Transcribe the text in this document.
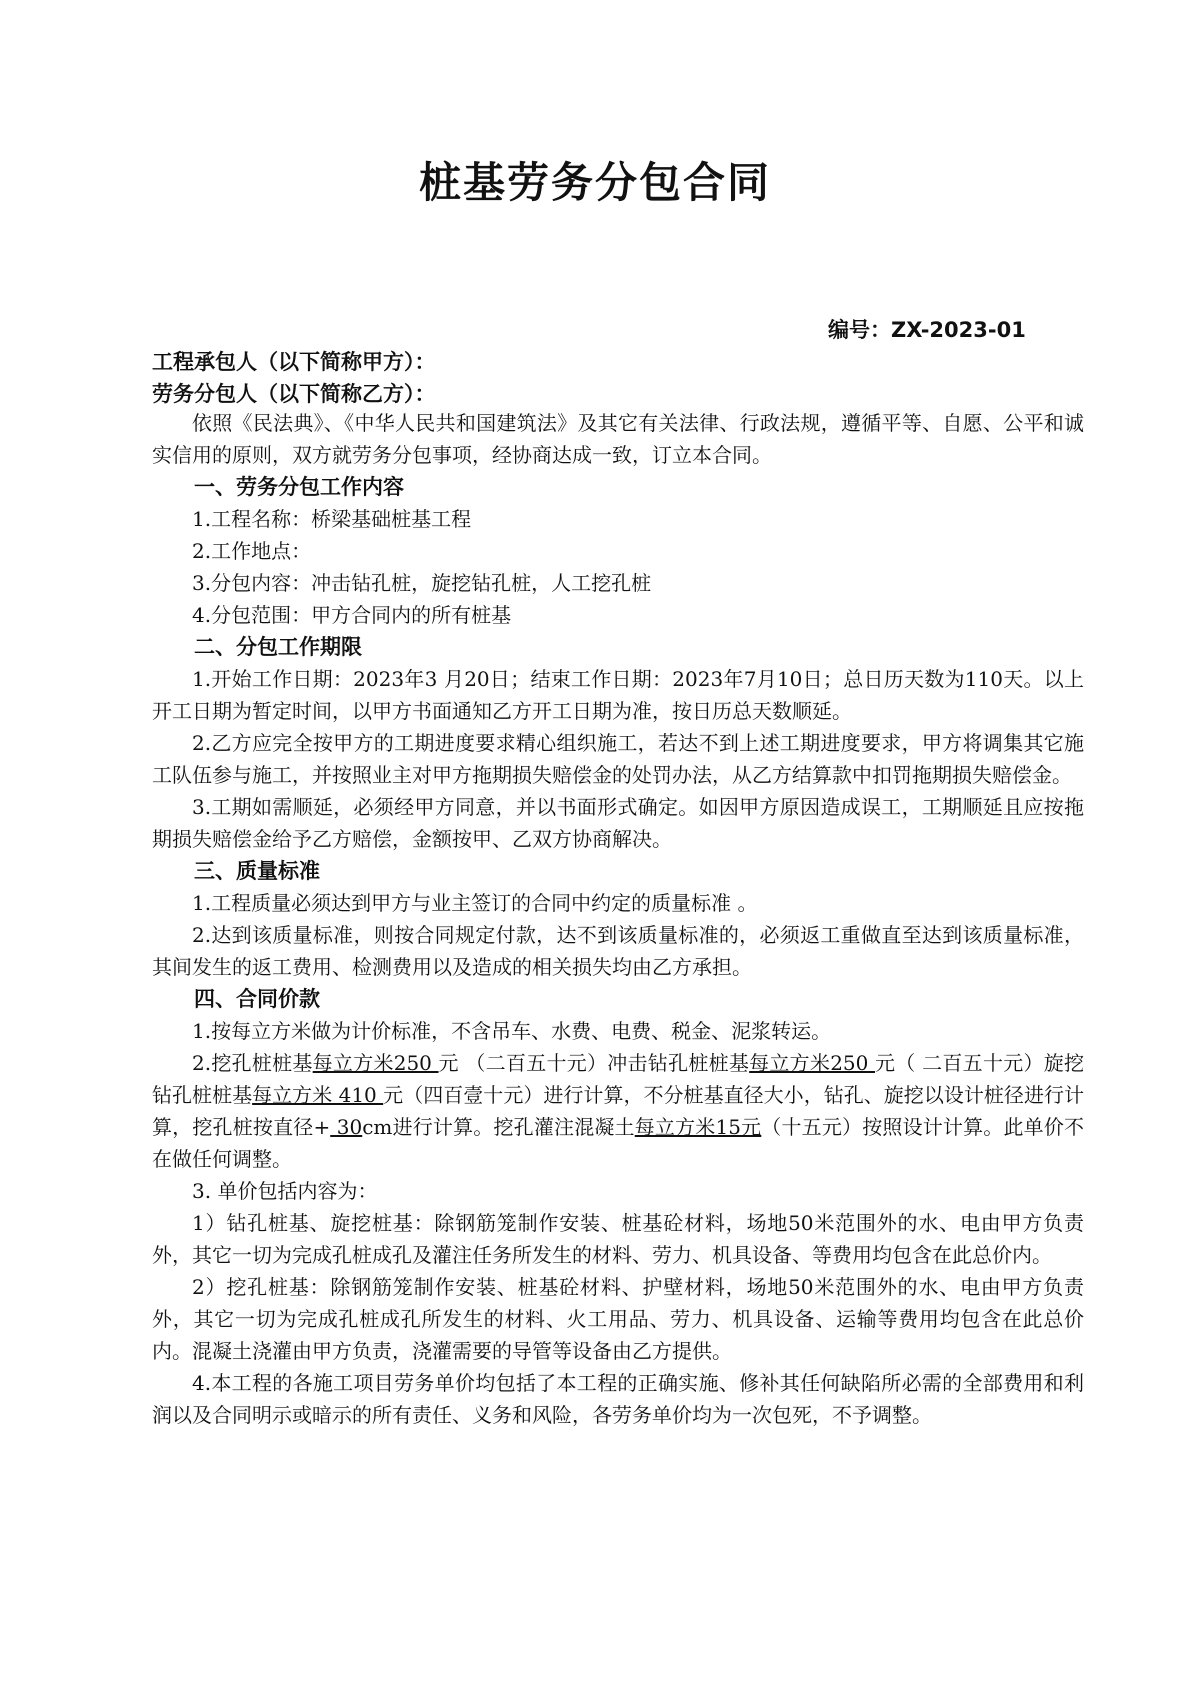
桩基劳务分包合同
编号：ZX-2023-01
工程承包人（以下简称甲方）：
劳务分包人（以下简称乙方）：

依照《民法典》、《中华人民共和国建筑法》及其它有关法律、行政法规，遵循平等、自愿、公平和诚实信用的原则，双方就劳务分包事项，经协商达成一致，订立本合同。

一、劳务分包工作内容

1.工程名称：桥梁基础桩基工程

2.工作地点：

3.分包内容：冲击钻孔桩，旋挖钻孔桩，人工挖孔桩

4.分包范围：甲方合同内的所有桩基

二、分包工作期限

1.开始工作日期：2023年3 月20日；结束工作日期：2023年7月10日；总日历天数为110天。以上开工日期为暂定时间，以甲方书面通知乙方开工日期为准，按日历总天数顺延。

2.乙方应完全按甲方的工期进度要求精心组织施工，若达不到上述工期进度要求，甲方将调集其它施工队伍参与施工，并按照业主对甲方拖期损失赔偿金的处罚办法，从乙方结算款中扣罚拖期损失赔偿金。

3.工期如需顺延，必须经甲方同意，并以书面形式确定。如因甲方原因造成误工，工期顺延且应按拖期损失赔偿金给予乙方赔偿，金额按甲、乙双方协商解决。

三、质量标准

1.工程质量必须达到甲方与业主签订的合同中约定的质量标准 。

2.达到该质量标准，则按合同规定付款，达不到该质量标准的，必须返工重做直至达到该质量标准，其间发生的返工费用、检测费用以及造成的相关损失均由乙方承担。

四、合同价款

1.按每立方米做为计价标准，不含吊车、水费、电费、税金、泥浆转运。

2.挖孔桩桩基每立方米250 元 （二百五十元）冲击钻孔桩桩基每立方米250 元（ 二百五十元）旋挖钻孔桩桩基每立方米 410 元（四百壹十元）进行计算，不分桩基直径大小，钻孔、旋挖以设计桩径进行计算，挖孔桩按直径+ 30cm进行计算。挖孔灌注混凝土每立方米15元（十五元）按照设计计算。此单价不在做任何调整。

3. 单价包括内容为：

1）钻孔桩基、旋挖桩基：除钢筋笼制作安装、桩基砼材料，场地50米范围外的水、电由甲方负责外，其它一切为完成孔桩成孔及灌注任务所发生的材料、劳力、机具设备、等费用均包含在此总价内。

2）挖孔桩基：除钢筋笼制作安装、桩基砼材料、护壁材料，场地50米范围外的水、电由甲方负责外，其它一切为完成孔桩成孔所发生的材料、火工用品、劳力、机具设备、运输等费用均包含在此总价内。混凝土浇灌由甲方负责，浇灌需要的导管等设备由乙方提供。

4.本工程的各施工项目劳务单价均包括了本工程的正确实施、修补其任何缺陷所必需的全部费用和利润以及合同明示或暗示的所有责任、义务和风险，各劳务单价均为一次包死，不予调整。
